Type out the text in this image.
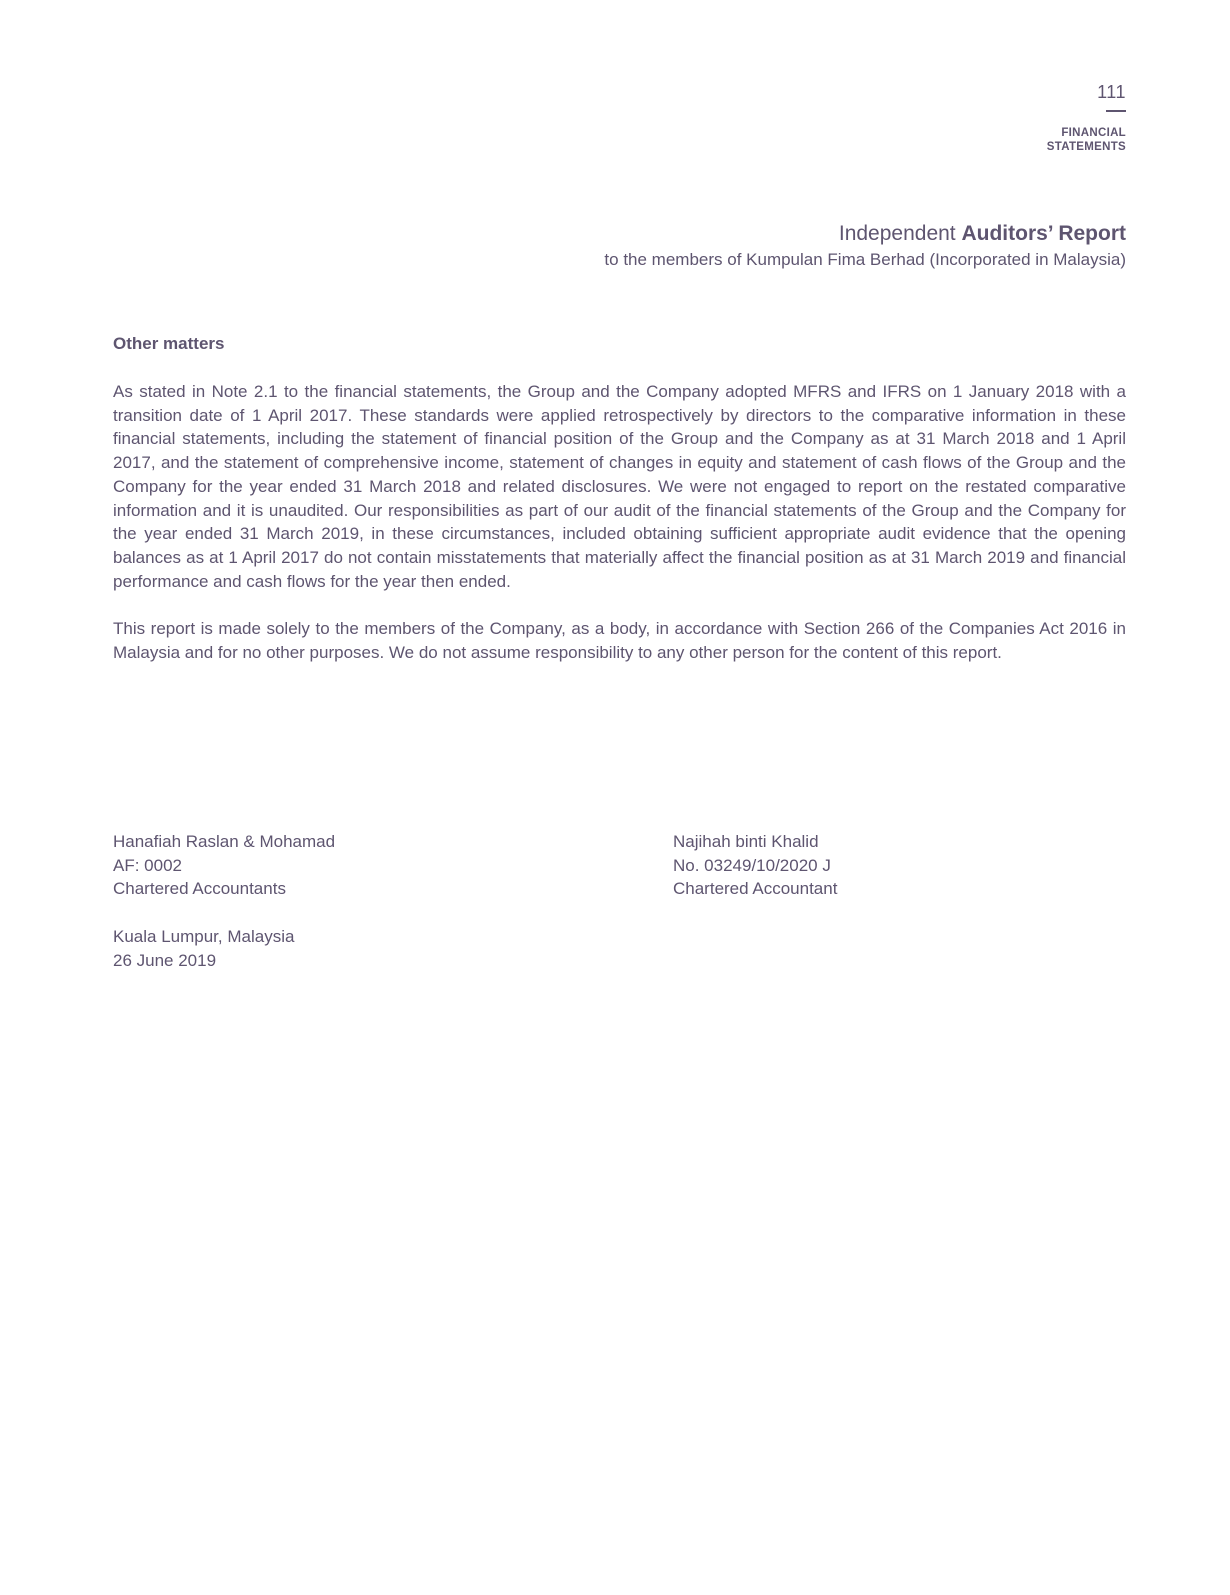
111
FINANCIAL
STATEMENTS
Independent Auditors’ Report
to the members of Kumpulan Fima Berhad (Incorporated in Malaysia)
Other matters

As stated in Note 2.1 to the financial statements, the Group and the Company adopted MFRS and IFRS on 1 January 2018 with a transition date of 1 April 2017. These standards were applied retrospectively by directors to the comparative information in these financial statements, including the statement of financial position of the Group and the Company as at 31 March 2018 and 1 April 2017, and the statement of comprehensive income, statement of changes in equity and statement of cash flows of the Group and the Company for the year ended 31 March 2018 and related disclosures. We were not engaged to report on the restated comparative information and it is unaudited. Our responsibilities as part of our audit of the financial statements of the Group and the Company for the year ended 31 March 2019, in these circumstances, included obtaining sufficient appropriate audit evidence that the opening balances as at 1 April 2017 do not contain misstatements that materially affect the financial position as at 31 March 2019 and financial performance and cash flows for the year then ended.

This report is made solely to the members of the Company, as a body, in accordance with Section 266 of the Companies Act 2016 in Malaysia and for no other purposes. We do not assume responsibility to any other person for the content of this report.

Hanafiah Raslan & Mohamad
AF: 0002
Chartered Accountants
Kuala Lumpur, Malaysia
26 June 2019
Najihah binti Khalid
No. 03249/10/2020 J
Chartered Accountant
